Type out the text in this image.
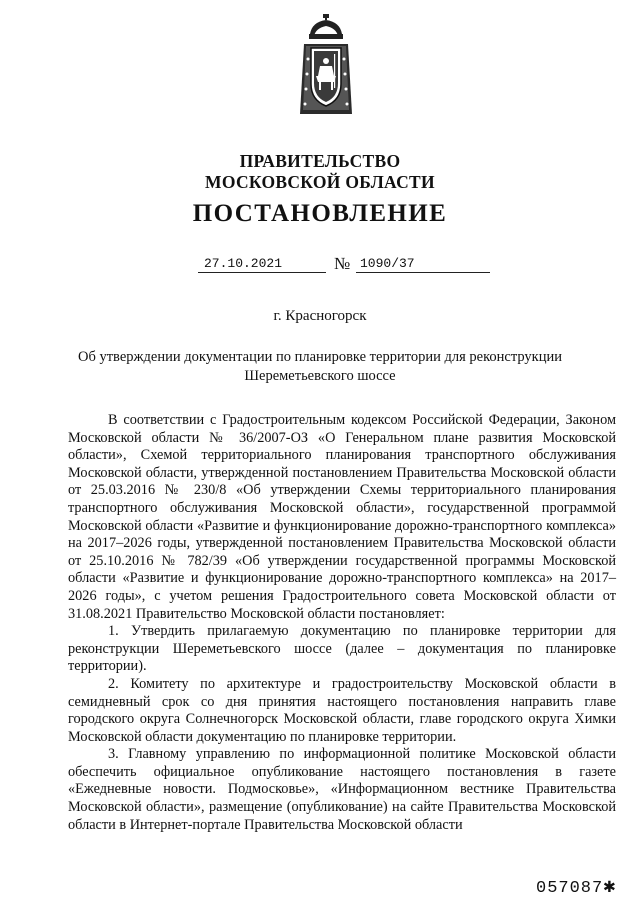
ПРАВИТЕЛЬСТВО
МОСКОВСКОЙ ОБЛАСТИ
ПОСТАНОВЛЕНИЕ
27.10.2021	№ 1090/37
г. Красногорск
Об утверждении документации по планировке территории для реконструкции
Шереметьевского шоссе

В соответствии с Градостроительным кодексом Российской Федерации, Законом Московской области № 36/2007-ОЗ «О Генеральном плане развития Московской области», Схемой территориального планирования транспортного обслуживания Московской области, утвержденной постановлением Правительства Московской области от 25.03.2016 № 230/8 «Об утверждении Схемы территориального планирования транспортного обслуживания Московской области», государственной программой Московской области «Развитие и функционирование дорожно-транспортного комплекса» на 2017–2026 годы, утвержденной постановлением Правительства Московской области от 25.10.2016 № 782/39 «Об утверждении государственной программы Московской области «Развитие и функционирование дорожно-транспортного комплекса» на 2017–2026 годы», с учетом решения Градостроительного совета Московской области от 31.08.2021 Правительство Московской области постановляет:

1. Утвердить прилагаемую документацию по планировке территории для реконструкции Шереметьевского шоссе (далее – документация по планировке территории).

2. Комитету по архитектуре и градостроительству Московской области в семидневный срок со дня принятия настоящего постановления направить главе городского округа Солнечногорск Московской области, главе городского округа Химки Московской области документацию по планировке территории.

3. Главному управлению по информационной политике Московской области обеспечить официальное опубликование настоящего постановления в газете «Ежедневные новости. Подмосковье», «Информационном вестнике Правительства Московской области», размещение (опубликование) на сайте Правительства Московской области в Интернет-портале Правительства Московской области

057087✱
